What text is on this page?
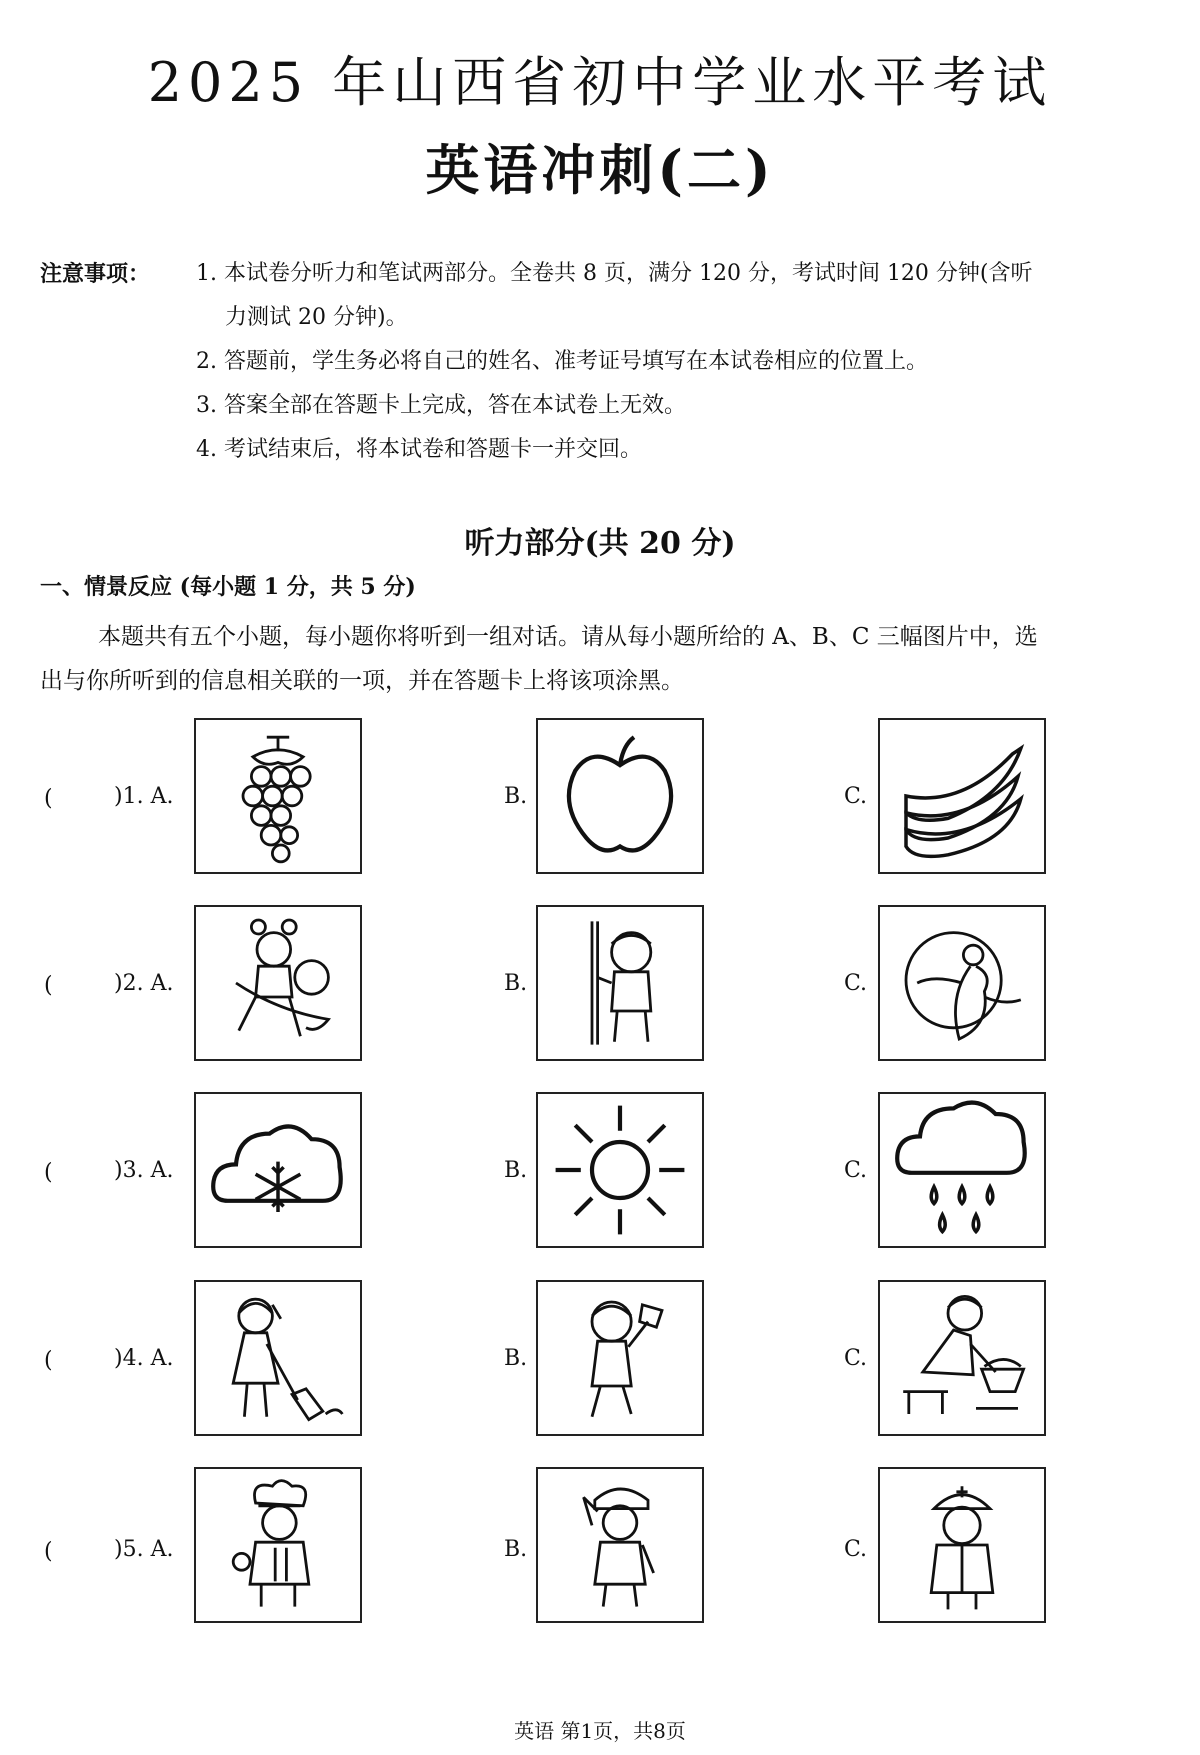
2025 年山西省初中学业水平考试
英语冲刺(二)
注意事项： 1. 本试卷分听力和笔试两部分。全卷共 8 页，满分 120 分，考试时间 120 分钟(含听
力测试 20 分钟)。
2. 答题前，学生务必将自己的姓名、准考证号填写在本试卷相应的位置上。
3. 答案全部在答题卡上完成，答在本试卷上无效。
4. 考试结束后，将本试卷和答题卡一并交回。
听力部分(共 20 分)
一、情景反应 (每小题 1 分，共 5 分)
本题共有五个小题，每小题你将听到一组对话。请从每小题所给的 A、B、C 三幅图片中，选
出与你所听到的信息相关联的一项，并在答题卡上将该项涂黑。
(	)1. A.	B.	C.
(	)2. A.	B.	C.
(	)3. A.	B.	C.
(	)4. A.	B.	C.
(	)5. A.	B.	C.
英语 第1页，共8页
